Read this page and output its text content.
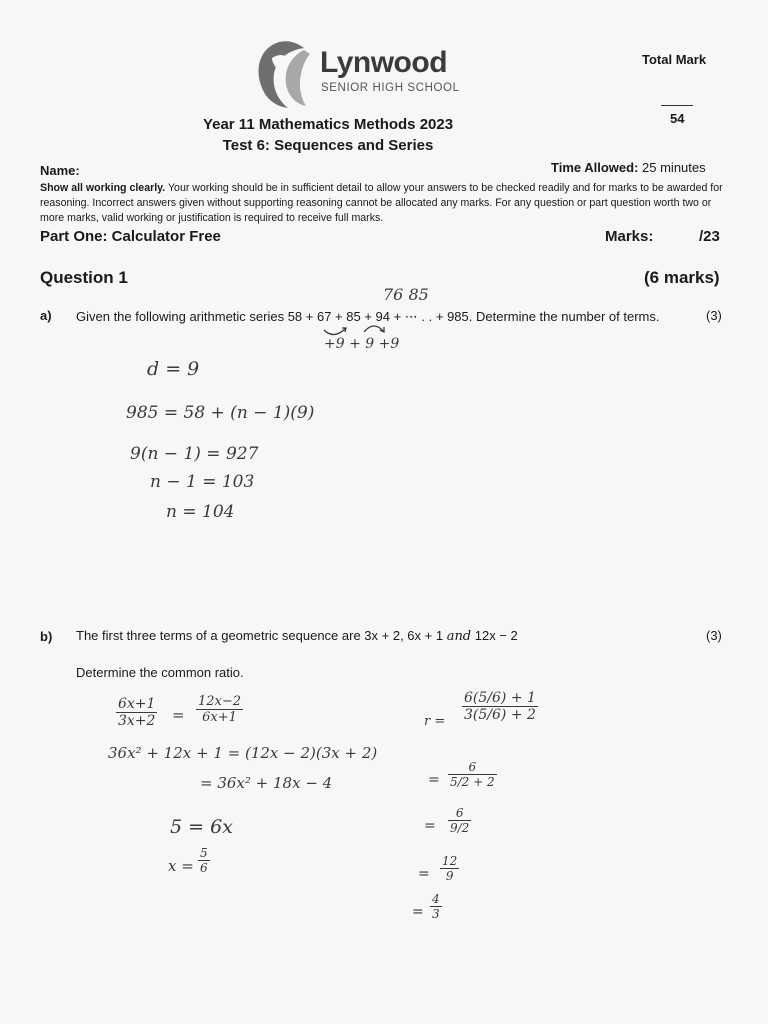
Lynwood
SENIOR HIGH SCHOOL
Total Mark
54
Year 11 Mathematics Methods 2023
Test 6: Sequences and Series
Name:	Time Allowed: 25 minutes
Show all working clearly. Your working should be in sufficient detail to allow your answers to be checked readily and for marks to be awarded for reasoning. Incorrect answers given without supporting reasoning cannot be allocated any marks. For any question or part question worth two or more marks, valid working or justification is required to receive full marks.
Part One: Calculator Free	Marks:	/23
Question 1	(6 marks)
a) Given the following arithmetic series 58 + 67 + 85 + 94 + ⋯ . . + 985. Determine the number of terms.	(3)
76 85
+9 + 9 +9
d = 9
985 = 58 + (n − 1)(9)
9(n − 1) = 927
n − 1 = 103
n = 104
b) The first three terms of a geometric sequence are 3x + 2, 6x + 1 and 12x − 2	(3)
Determine the common ratio.
$\frac{6x+1}{3x+2} = \frac{12x-2}{6x+1}$
36x² + 12x + 1 = (12x − 2)(3x + 2)
= 36x² + 18x − 4
5 = 6x
$x = \frac{5}{6}$
$r = \frac{6(5/6) + 1}{3(5/6) + 2}$
= $\frac{6}{5/2 + 2}$
= $\frac{6}{9/2}$
= $\frac{12}{9}$
= $\frac{4}{3}$
